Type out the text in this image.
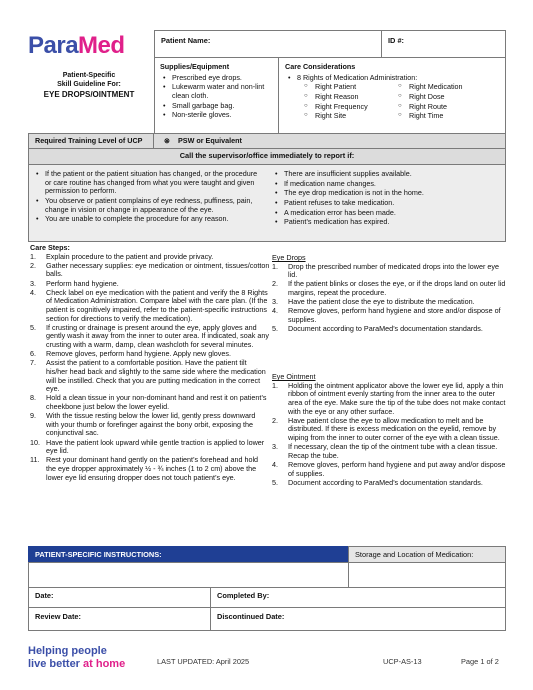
ParaMed
Patient-Specific
Skill Guideline For:
EYE DROPS/OINTMENT
Patient Name:	ID #:
Supplies/Equipment
• Prescribed eye drops.
• Lukewarm water and non-lint clean cloth.
• Small garbage bag.
• Non-sterile gloves.
Care Considerations
• 8 Rights of Medication Administration:
○ Right Patient
○ Right Reason
○ Right Frequency
○ Right Site
○ Right Medication
○ Right Dose
○ Right Route
○ Right Time
Required Training Level of UCP	⊗ PSW or Equivalent
Call the supervisor/office immediately to report if:
• If the patient or the patient situation has changed, or the procedure or care routine has changed from what you were taught and given permission to perform.
• You observe or patient complains of eye redness, puffiness, pain, change in vision or change in appearance of the eye.
• You are unable to complete the procedure for any reason.
• There are insufficient supplies available.
• If medication name changes.
• The eye drop medication is not in the home.
• Patient refuses to take medication.
• A medication error has been made.
• Patient’s medication has expired.
Care Steps:
1. Explain procedure to the patient and provide privacy.
2. Gather necessary supplies: eye medication or ointment, tissues/cotton balls.
3. Perform hand hygiene.
4. Check label on eye medication with the patient and verify the 8 Rights of Medication Administration. Compare label with the care plan. (If the patient is cognitively impaired, refer to the patient-specific instructions section for directions to verify the medication).
5. If crusting or drainage is present around the eye, apply gloves and gently wash it away from the inner to outer area. If indicated, soak any crusting with a warm, damp, clean washcloth for several minutes.
6. Remove gloves, perform hand hygiene. Apply new gloves.
7. Assist the patient to a comfortable position. Have the patient tilt his/her head back and slightly to the same side where the medication will be instilled. Check that you are putting medication in the correct eye.
8. Hold a clean tissue in your non-dominant hand and rest it on patient’s cheekbone just below the lower eyelid.
9. With the tissue resting below the lower lid, gently press downward with your thumb or forefinger against the bony orbit, exposing the conjunctival sac.
10. Have the patient look upward while gentle traction is applied to lower eye lid.
11. Rest your dominant hand gently on the patient’s forehead and hold the eye dropper approximately ½ - ¾ inches (1 to 2 cm) above the lower eye lid ensuring dropper does not touch patient’s eye.
Eye Drops
1. Drop the prescribed number of medicated drops into the lower eye lid.
2. If the patient blinks or closes the eye, or if the drops land on outer lid margins, repeat the procedure.
3. Have the patient close the eye to distribute the medication.
4. Remove gloves, perform hand hygiene and store and/or dispose of supplies.
5. Document according to ParaMed’s documentation standards.
Eye Ointment
1. Holding the ointment applicator above the lower eye lid, apply a thin ribbon of ointment evenly starting from the inner area to the outer area of the eye. Make sure the tip of the tube does not make contact with the eye or any other surface.
2. Have patient close the eye to allow medication to melt and be distributed. If there is excess medication on the eyelid, remove by wiping from the inner to outer corner of the eye with a clean tissue.
3. If necessary, clean the tip of the ointment tube with a clean tissue. Recap the tube.
4. Remove gloves, perform hand hygiene and put away and/or dispose of supplies.
5. Document according to ParaMed’s documentation standards.
PATIENT-SPECIFIC INSTRUCTIONS:	Storage and Location of Medication:
Date:	Completed By:
Review Date:	Discontinued Date:
Helping people
live better at home	LAST UPDATED: April 2025	UCP-AS-13	Page 1 of 2
